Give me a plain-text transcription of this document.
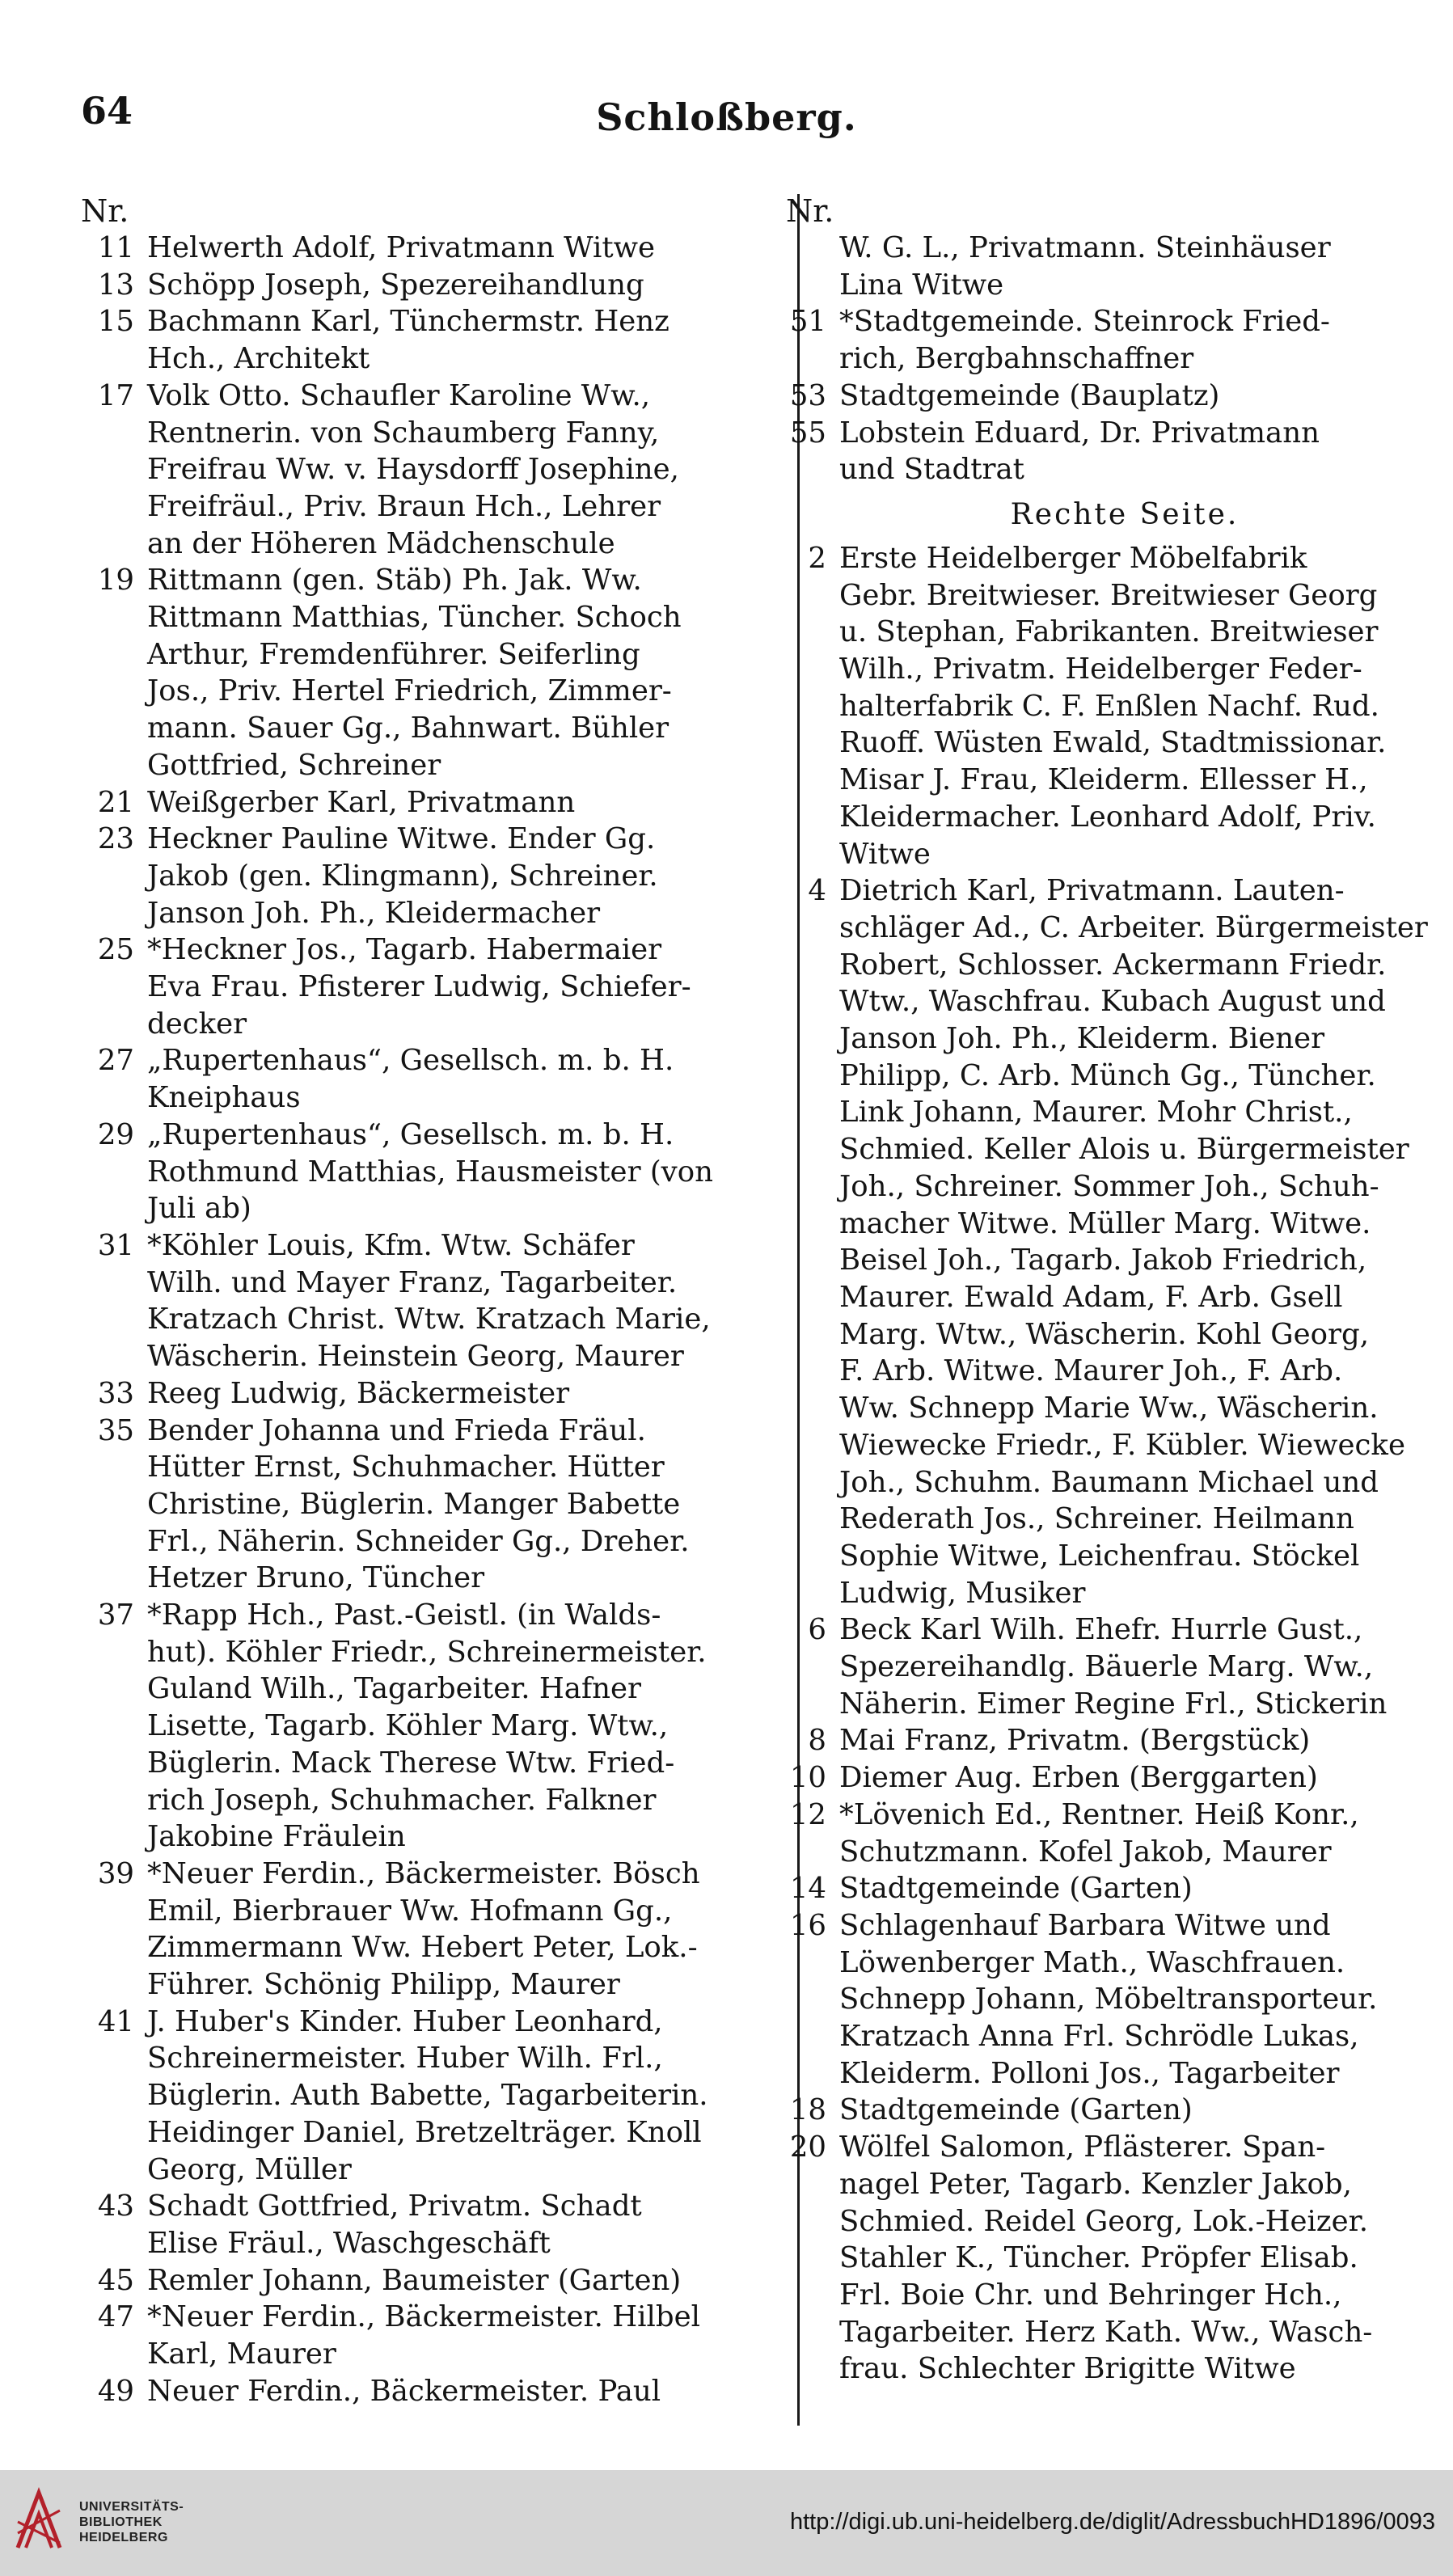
64	Schloßberg.
Nr.
11 Helwerth Adolf, Privatmann Witwe
13 Schöpp Joseph, Spezereihandlung
15 Bachmann Karl, Tünchermstr. Henz
Hch., Architekt
17 Volk Otto. Schaufler Karoline Ww.,
Rentnerin. von Schaumberg Fanny,
Freifrau Ww. v. Haysdorff Josephine,
Freifräul., Priv. Braun Hch., Lehrer
an der Höheren Mädchenschule
19 Rittmann (gen. Stäb) Ph. Jak. Ww.
Rittmann Matthias, Tüncher. Schoch
Arthur, Fremdenführer. Seiferling
Jos., Priv. Hertel Friedrich, Zimmer-
mann. Sauer Gg., Bahnwart. Bühler
Gottfried, Schreiner
21 Weißgerber Karl, Privatmann
23 Heckner Pauline Witwe. Ender Gg.
Jakob (gen. Klingmann), Schreiner.
Janson Joh. Ph., Kleidermacher
25 *Heckner Jos., Tagarb. Habermaier
Eva Frau. Pfisterer Ludwig, Schiefer-
decker
27 „Rupertenhaus“, Gesellsch. m. b. H.
Kneiphaus
29 „Rupertenhaus“, Gesellsch. m. b. H.
Rothmund Matthias, Hausmeister (von
Juli ab)
31 *Köhler Louis, Kfm. Wtw. Schäfer
Wilh. und Mayer Franz, Tagarbeiter.
Kratzach Christ. Wtw. Kratzach Marie,
Wäscherin. Heinstein Georg, Maurer
33 Reeg Ludwig, Bäckermeister
35 Bender Johanna und Frieda Fräul.
Hütter Ernst, Schuhmacher. Hütter
Christine, Büglerin. Manger Babette
Frl., Näherin. Schneider Gg., Dreher.
Hetzer Bruno, Tüncher
37 *Rapp Hch., Past.-Geistl. (in Walds-
hut). Köhler Friedr., Schreinermeister.
Guland Wilh., Tagarbeiter. Hafner
Lisette, Tagarb. Köhler Marg. Wtw.,
Büglerin. Mack Therese Wtw. Fried-
rich Joseph, Schuhmacher. Falkner
Jakobine Fräulein
39 *Neuer Ferdin., Bäckermeister. Bösch
Emil, Bierbrauer Ww. Hofmann Gg.,
Zimmermann Ww. Hebert Peter, Lok.-
Führer. Schönig Philipp, Maurer
41 J. Huber's Kinder. Huber Leonhard,
Schreinermeister. Huber Wilh. Frl.,
Büglerin. Auth Babette, Tagarbeiterin.
Heidinger Daniel, Bretzelträger. Knoll
Georg, Müller
43 Schadt Gottfried, Privatm. Schadt
Elise Fräul., Waschgeschäft
45 Remler Johann, Baumeister (Garten)
47 *Neuer Ferdin., Bäckermeister. Hilbel
Karl, Maurer
49 Neuer Ferdin., Bäckermeister. Paul
Nr.
W. G. L., Privatmann. Steinhäuser
Lina Witwe
51 *Stadtgemeinde. Steinrock Fried-
rich, Bergbahnschaffner
53 Stadtgemeinde (Bauplatz)
55 Lobstein Eduard, Dr. Privatmann
und Stadtrat
Rechte Seite.
2 Erste Heidelberger Möbelfabrik
Gebr. Breitwieser. Breitwieser Georg
u. Stephan, Fabrikanten. Breitwieser
Wilh., Privatm. Heidelberger Feder-
halterfabrik C. F. Enßlen Nachf. Rud.
Ruoff. Wüsten Ewald, Stadtmissionar.
Misar J. Frau, Kleiderm. Ellesser H.,
Kleidermacher. Leonhard Adolf, Priv.
Witwe
4 Dietrich Karl, Privatmann. Lauten-
schläger Ad., C. Arbeiter. Bürgermeister
Robert, Schlosser. Ackermann Friedr.
Wtw., Waschfrau. Kubach August und
Janson Joh. Ph., Kleiderm. Biener
Philipp, C. Arb. Münch Gg., Tüncher.
Link Johann, Maurer. Mohr Christ.,
Schmied. Keller Alois u. Bürgermeister
Joh., Schreiner. Sommer Joh., Schuh-
macher Witwe. Müller Marg. Witwe.
Beisel Joh., Tagarb. Jakob Friedrich,
Maurer. Ewald Adam, F. Arb. Gsell
Marg. Wtw., Wäscherin. Kohl Georg,
F. Arb. Witwe. Maurer Joh., F. Arb.
Ww. Schnepp Marie Ww., Wäscherin.
Wiewecke Friedr., F. Kübler. Wiewecke
Joh., Schuhm. Baumann Michael und
Rederath Jos., Schreiner. Heilmann
Sophie Witwe, Leichenfrau. Stöckel
Ludwig, Musiker
6 Beck Karl Wilh. Ehefr. Hurrle Gust.,
Spezereihandlg. Bäuerle Marg. Ww.,
Näherin. Eimer Regine Frl., Stickerin
8 Mai Franz, Privatm. (Bergstück)
10 Diemer Aug. Erben (Berggarten)
12 *Lövenich Ed., Rentner. Heiß Konr.,
Schutzmann. Kofel Jakob, Maurer
14 Stadtgemeinde (Garten)
16 Schlagenhauf Barbara Witwe und
Löwenberger Math., Waschfrauen.
Schnepp Johann, Möbeltransporteur.
Kratzach Anna Frl. Schrödle Lukas,
Kleiderm. Polloni Jos., Tagarbeiter
18 Stadtgemeinde (Garten)
20 Wölfel Salomon, Pflästerer. Span-
nagel Peter, Tagarb. Kenzler Jakob,
Schmied. Reidel Georg, Lok.-Heizer.
Stahler K., Tüncher. Pröpfer Elisab.
Frl. Boie Chr. und Behringer Hch.,
Tagarbeiter. Herz Kath. Ww., Wasch-
frau. Schlechter Brigitte Witwe
UNIVERSITÄTS-
BIBLIOTHEK
HEIDELBERG
http://digi.ub.uni-heidelberg.de/diglit/AdressbuchHD1896/0093
